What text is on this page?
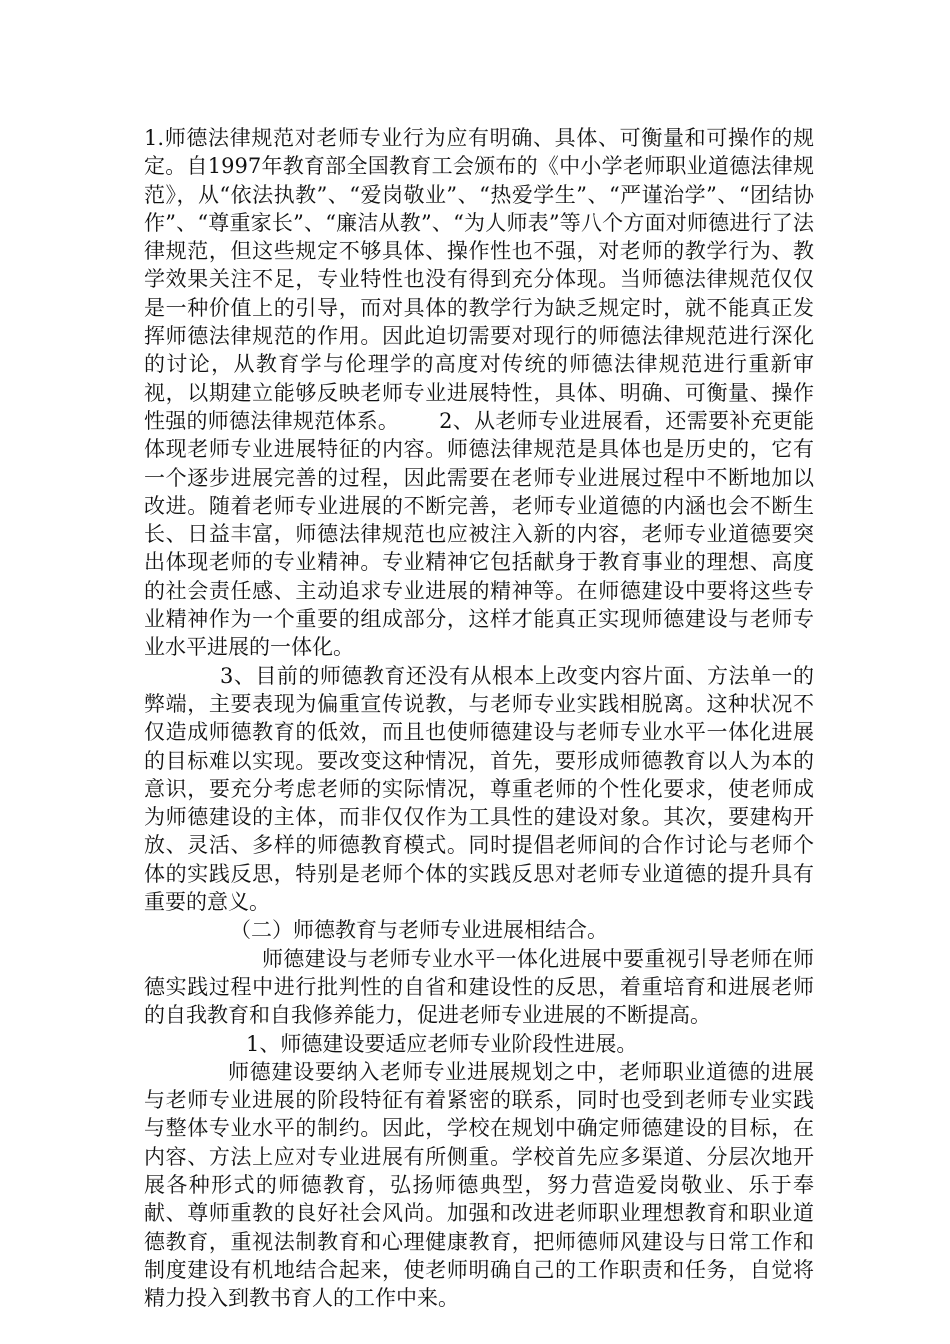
1.师德法律规范对老师专业行为应有明确、具体、可衡量和可操作的规定。自1997年教育部全国教育工会颁布的《中小学老师职业道德法律规范》，从“依法执教”、“爱岗敬业”、“热爱学生”、“严谨治学”、“团结协作”、“尊重家长”、“廉洁从教”、“为人师表”等八个方面对师德进行了法律规范，但这些规定不够具体、操作性也不强，对老师的教学行为、教学效果关注不足，专业特性也没有得到充分体现。当师德法律规范仅仅是一种价值上的引导，而对具体的教学行为缺乏规定时，就不能真正发挥师德法律规范的作用。因此迫切需要对现行的师德法律规范进行深化的讨论，从教育学与伦理学的高度对传统的师德法律规范进行重新审视，以期建立能够反映老师专业进展特性，具体、明确、可衡量、操作性强的师德法律规范体系。 2、从老师专业进展看，还需要补充更能体现老师专业进展特征的内容。师德法律规范是具体也是历史的，它有一个逐步进展完善的过程，因此需要在老师专业进展过程中不断地加以改进。随着老师专业进展的不断完善，老师专业道德的内涵也会不断生长、日益丰富，师德法律规范也应被注入新的内容，老师专业道德要突出体现老师的专业精神。专业精神它包括献身于教育事业的理想、高度的社会责任感、主动追求专业进展的精神等。在师德建设中要将这些专业精神作为一个重要的组成部分，这样才能真正实现师德建设与老师专业水平进展的一体化。

3、目前的师德教育还没有从根本上改变内容片面、方法单一的弊端，主要表现为偏重宣传说教，与老师专业实践相脱离。这种状况不仅造成师德教育的低效，而且也使师德建设与老师专业水平一体化进展的目标难以实现。要改变这种情况，首先，要形成师德教育以人为本的意识，要充分考虑老师的实际情况，尊重老师的个性化要求，使老师成为师德建设的主体，而非仅仅作为工具性的建设对象。其次，要建构开放、灵活、多样的师德教育模式。同时提倡老师间的合作讨论与老师个体的实践反思，特别是老师个体的实践反思对老师专业道德的提升具有重要的意义。

（二）师德教育与老师专业进展相结合。

师德建设与老师专业水平一体化进展中要重视引导老师在师德实践过程中进行批判性的自省和建设性的反思，着重培育和进展老师的自我教育和自我修养能力，促进老师专业进展的不断提高。

1、师德建设要适应老师专业阶段性进展。

师德建设要纳入老师专业进展规划之中，老师职业道德的进展与老师专业进展的阶段特征有着紧密的联系，同时也受到老师专业实践与整体专业水平的制约。因此，学校在规划中确定师德建设的目标，在内容、方法上应对专业进展有所侧重。学校首先应多渠道、分层次地开展各种形式的师德教育，弘扬师德典型，努力营造爱岗敬业、乐于奉献、尊师重教的良好社会风尚。加强和改进老师职业理想教育和职业道德教育，重视法制教育和心理健康教育，把师德师风建设与日常工作和制度建设有机地结合起来，使老师明确自己的工作职责和任务，自觉将精力投入到教书育人的工作中来。
